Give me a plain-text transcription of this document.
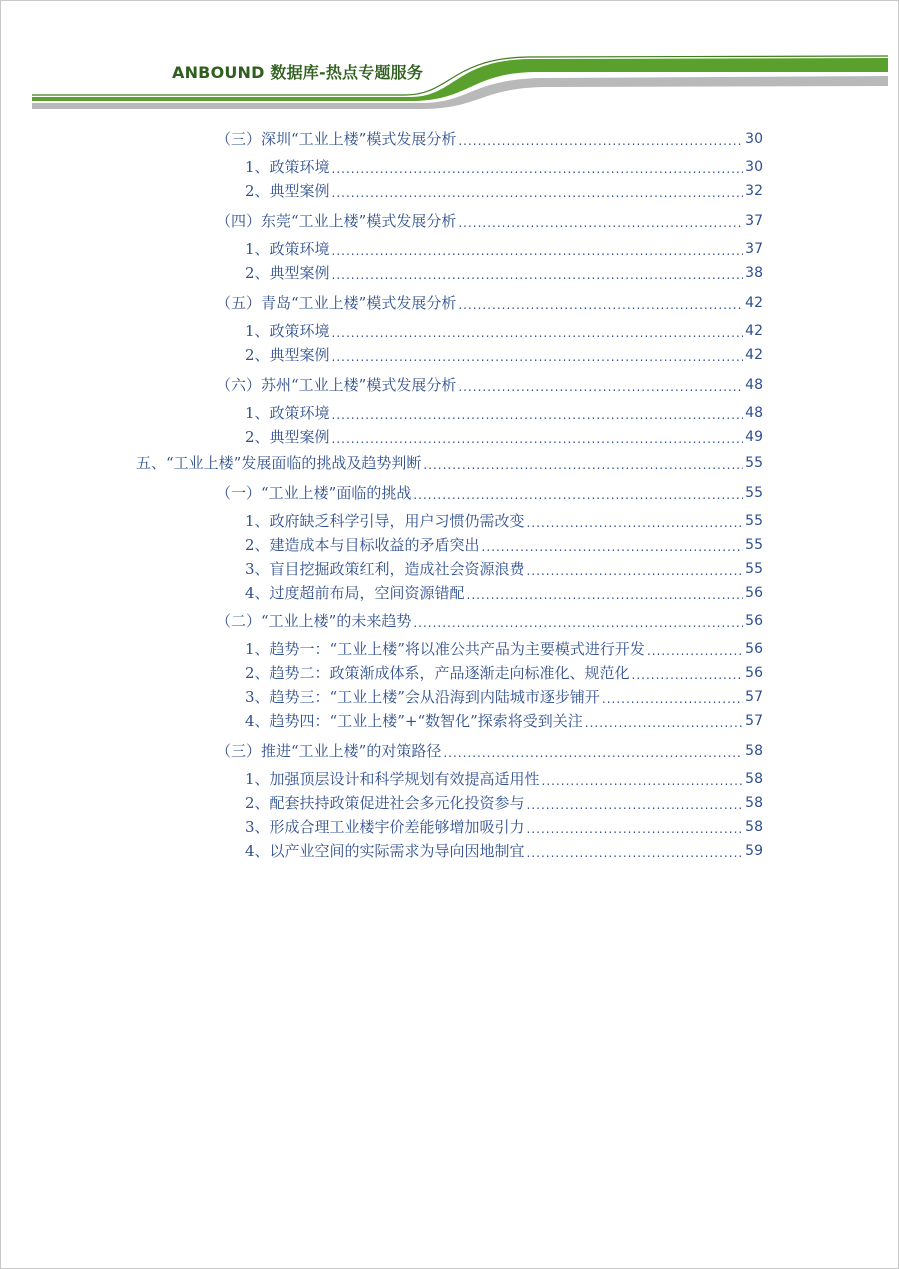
ANBOUND 数据库-热点专题服务
（三）深圳“工业上楼”模式发展分析 .....	30
1、政策环境 .....	30
2、典型案例 .....	32
（四）东莞“工业上楼”模式发展分析 .....	37
1、政策环境 .....	37
2、典型案例 .....	38
（五）青岛“工业上楼”模式发展分析 .....	42
1、政策环境 .....	42
2、典型案例 .....	42
（六）苏州“工业上楼”模式发展分析 .....	48
1、政策环境 .....	48
2、典型案例 .....	49
五、“工业上楼”发展面临的挑战及趋势判断 .....	55
（一）“工业上楼”面临的挑战 .....	55
1、政府缺乏科学引导，用户习惯仍需改变 .....	55
2、建造成本与目标收益的矛盾突出 .....	55
3、盲目挖掘政策红利，造成社会资源浪费 .....	55
4、过度超前布局，空间资源错配 .....	56
（二）“工业上楼”的未来趋势 .....	56
1、趋势一：“工业上楼”将以准公共产品为主要模式进行开发 .....	56
2、趋势二：政策渐成体系，产品逐渐走向标准化、规范化 .....	56
3、趋势三：“工业上楼”会从沿海到内陆城市逐步铺开 .....	57
4、趋势四：“工业上楼”+“数智化”探索将受到关注 .....	57
（三）推进“工业上楼”的对策路径 .....	58
1、加强顶层设计和科学规划有效提高适用性 .....	58
2、配套扶持政策促进社会多元化投资参与 .....	58
3、形成合理工业楼宇价差能够增加吸引力 .....	58
4、以产业空间的实际需求为导向因地制宜 .....	59
